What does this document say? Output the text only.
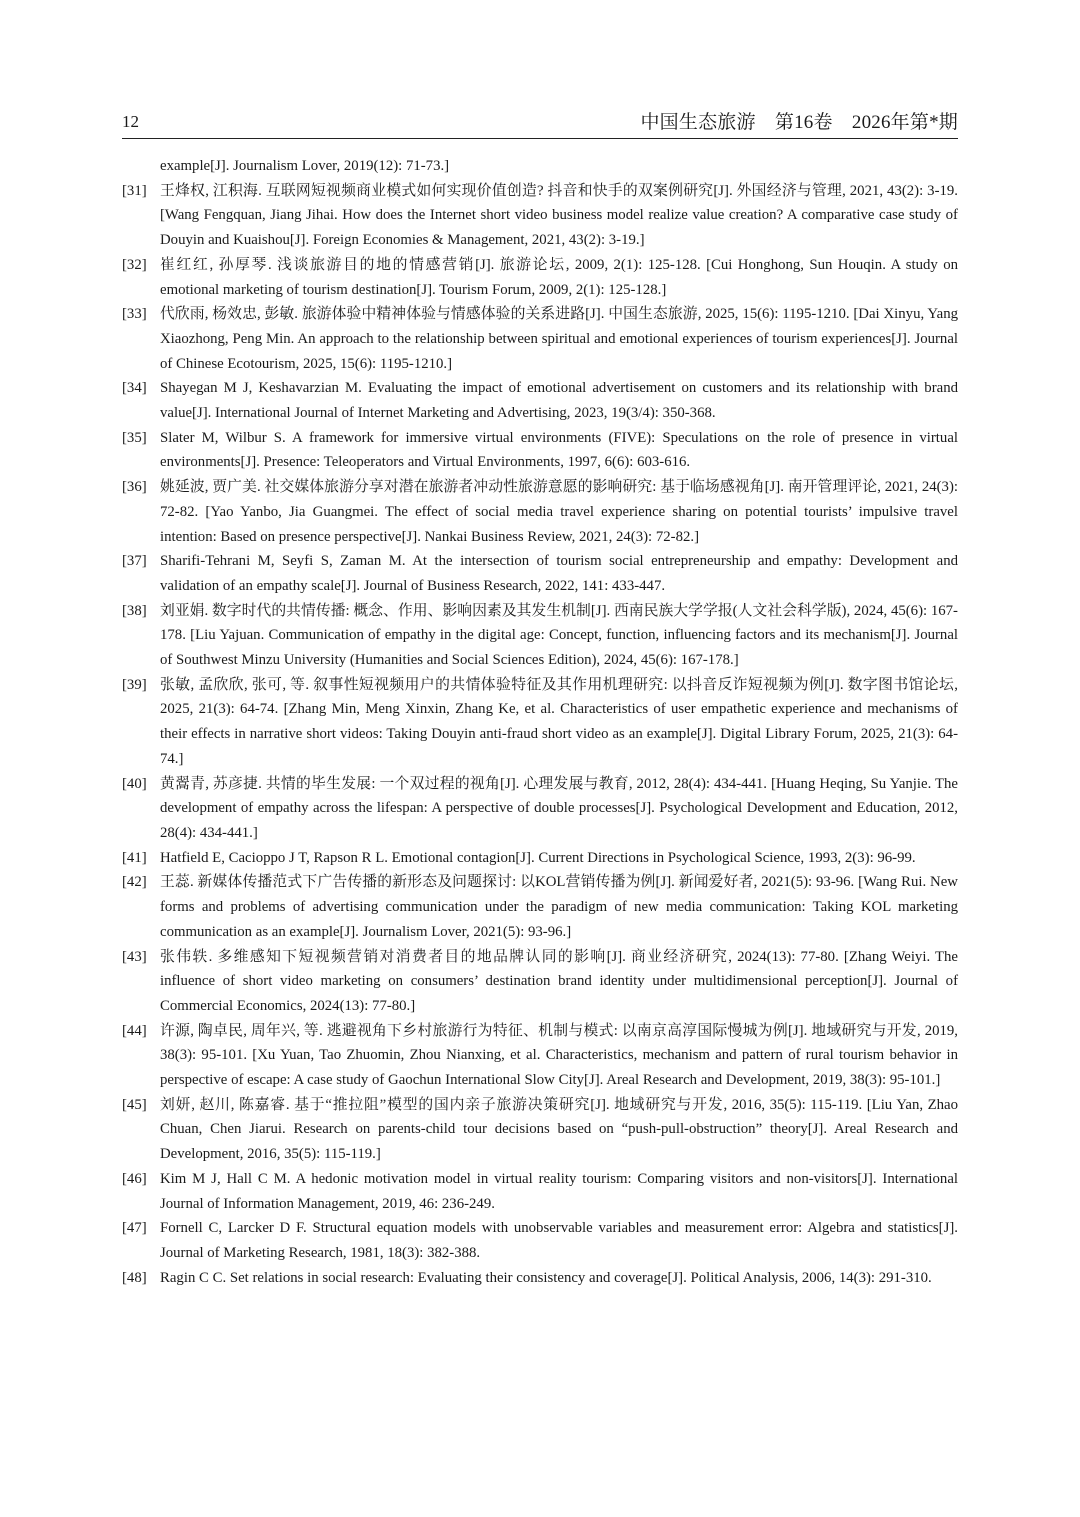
12	中国生态旅游　第16卷　2026年第*期
example[J]. Journalism Lover, 2019(12): 71-73.]
[31] 王烽权, 江积海. 互联网短视频商业模式如何实现价值创造? 抖音和快手的双案例研究[J]. 外国经济与管理, 2021, 43(2): 3-19. [Wang Fengquan, Jiang Jihai. How does the Internet short video business model realize value creation? A comparative case study of Douyin and Kuaishou[J]. Foreign Economies & Management, 2021, 43(2): 3-19.]
[32] 崔红红, 孙厚琴. 浅谈旅游目的地的情感营销[J]. 旅游论坛, 2009, 2(1): 125-128. [Cui Honghong, Sun Houqin. A study on emotional marketing of tourism destination[J]. Tourism Forum, 2009, 2(1): 125-128.]
[33] 代欣雨, 杨效忠, 彭敏. 旅游体验中精神体验与情感体验的关系进路[J]. 中国生态旅游, 2025, 15(6): 1195-1210. [Dai Xinyu, Yang Xiaozhong, Peng Min. An approach to the relationship between spiritual and emotional experiences of tourism experiences[J]. Journal of Chinese Ecotourism, 2025, 15(6): 1195-1210.]
[34] Shayegan M J, Keshavarzian M. Evaluating the impact of emotional advertisement on customers and its relationship with brand value[J]. International Journal of Internet Marketing and Advertising, 2023, 19(3/4): 350-368.
[35] Slater M, Wilbur S. A framework for immersive virtual environments (FIVE): Speculations on the role of presence in virtual environments[J]. Presence: Teleoperators and Virtual Environments, 1997, 6(6): 603-616.
[36] 姚延波, 贾广美. 社交媒体旅游分享对潜在旅游者冲动性旅游意愿的影响研究: 基于临场感视角[J]. 南开管理评论, 2021, 24(3): 72-82. [Yao Yanbo, Jia Guangmei. The effect of social media travel experience sharing on potential tourists’ impulsive travel intention: Based on presence perspective[J]. Nankai Business Review, 2021, 24(3): 72-82.]
[37] Sharifi-Tehrani M, Seyfi S, Zaman M. At the intersection of tourism social entrepreneurship and empathy: Development and validation of an empathy scale[J]. Journal of Business Research, 2022, 141: 433-447.
[38] 刘亚娟. 数字时代的共情传播: 概念、作用、影响因素及其发生机制[J]. 西南民族大学学报(人文社会科学版), 2024, 45(6): 167-178. [Liu Yajuan. Communication of empathy in the digital age: Concept, function, influencing factors and its mechanism[J]. Journal of Southwest Minzu University (Humanities and Social Sciences Edition), 2024, 45(6): 167-178.]
[39] 张敏, 孟欣欣, 张可, 等. 叙事性短视频用户的共情体验特征及其作用机理研究: 以抖音反诈短视频为例[J]. 数字图书馆论坛, 2025, 21(3): 64-74. [Zhang Min, Meng Xinxin, Zhang Ke, et al. Characteristics of user empathetic experience and mechanisms of their effects in narrative short videos: Taking Douyin anti-fraud short video as an example[J]. Digital Library Forum, 2025, 21(3): 64-74.]
[40] 黄翯青, 苏彦捷. 共情的毕生发展: 一个双过程的视角[J]. 心理发展与教育, 2012, 28(4): 434-441. [Huang Heqing, Su Yanjie. The development of empathy across the lifespan: A perspective of double processes[J]. Psychological Development and Education, 2012, 28(4): 434-441.]
[41] Hatfield E, Cacioppo J T, Rapson R L. Emotional contagion[J]. Current Directions in Psychological Science, 1993, 2(3): 96-99.
[42] 王蕊. 新媒体传播范式下广告传播的新形态及问题探讨: 以KOL营销传播为例[J]. 新闻爱好者, 2021(5): 93-96. [Wang Rui. New forms and problems of advertising communication under the paradigm of new media communication: Taking KOL marketing communication as an example[J]. Journalism Lover, 2021(5): 93-96.]
[43] 张伟轶. 多维感知下短视频营销对消费者目的地品牌认同的影响[J]. 商业经济研究, 2024(13): 77-80. [Zhang Weiyi. The influence of short video marketing on consumers’ destination brand identity under multidimensional perception[J]. Journal of Commercial Economics, 2024(13): 77-80.]
[44] 许源, 陶卓民, 周年兴, 等. 逃避视角下乡村旅游行为特征、机制与模式: 以南京高淳国际慢城为例[J]. 地域研究与开发, 2019, 38(3): 95-101. [Xu Yuan, Tao Zhuomin, Zhou Nianxing, et al. Characteristics, mechanism and pattern of rural tourism behavior in perspective of escape: A case study of Gaochun International Slow City[J]. Areal Research and Development, 2019, 38(3): 95-101.]
[45] 刘妍, 赵川, 陈嘉睿. 基于“推拉阻”模型的国内亲子旅游决策研究[J]. 地域研究与开发, 2016, 35(5): 115-119. [Liu Yan, Zhao Chuan, Chen Jiarui. Research on parents-child tour decisions based on “push-pull-obstruction” theory[J]. Areal Research and Development, 2016, 35(5): 115-119.]
[46] Kim M J, Hall C M. A hedonic motivation model in virtual reality tourism: Comparing visitors and non-visitors[J]. International Journal of Information Management, 2019, 46: 236-249.
[47] Fornell C, Larcker D F. Structural equation models with unobservable variables and measurement error: Algebra and statistics[J]. Journal of Marketing Research, 1981, 18(3): 382-388.
[48] Ragin C C. Set relations in social research: Evaluating their consistency and coverage[J]. Political Analysis, 2006, 14(3): 291-310.
